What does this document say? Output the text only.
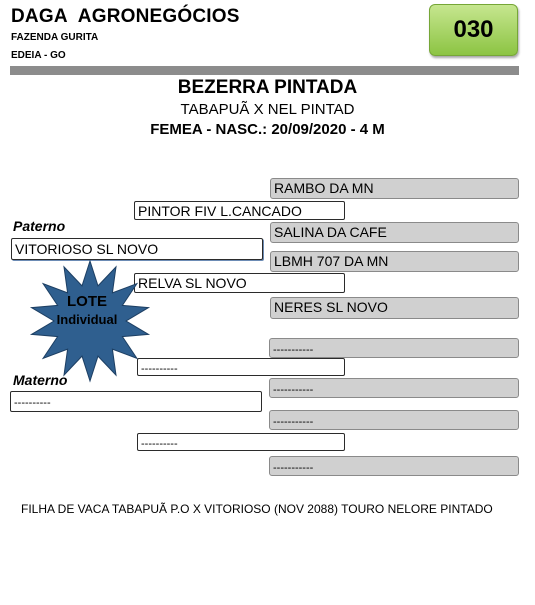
DAGA AGRONEGÓCIOS
FAZENDA GURITA
EDEIA - GO
030
BEZERRA PINTADA
TABAPUÃ X NEL PINTAD
FEMEA - NASC.: 20/09/2020 - 4 M
RAMBO DA MN
SALINA DA CAFE
LBMH 707 DA MN
NERES SL NOVO
-----------
-----------
-----------
-----------
PINTOR FIV L.CANCADO
RELVA SL NOVO
----------
----------
Paterno
VITORIOSO SL NOVO
Materno
----------
LOTE
Individual
FILHA DE VACA TABAPUÃ P.O X VITORIOSO (NOV 2088) TOURO NELORE PINTADO
